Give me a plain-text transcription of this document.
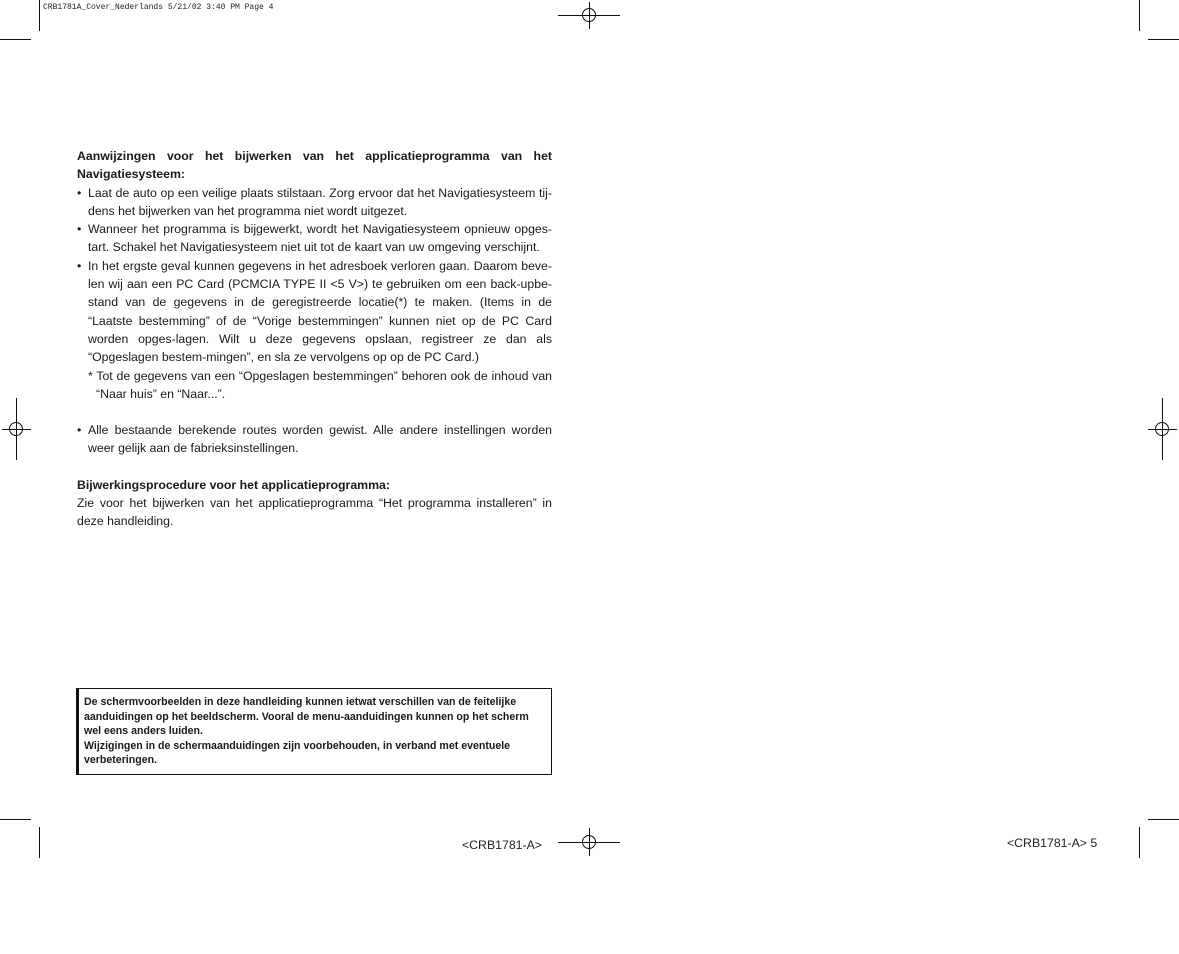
CRB1781A_Cover_Nederlands 5/21/02 3:40 PM Page 4

Aanwijzingen voor het bijwerken van het applicatieprogramma van het Navigatiesysteem:

• Laat de auto op een veilige plaats stilstaan. Zorg ervoor dat het Navigatiesysteem tij-dens het bijwerken van het programma niet wordt uitgezet.
• Wanneer het programma is bijgewerkt, wordt het Navigatiesysteem opnieuw opges-tart. Schakel het Navigatiesysteem niet uit tot de kaart van uw omgeving verschijnt.
• In het ergste geval kunnen gegevens in het adresboek verloren gaan. Daarom beve-len wij aan een PC Card (PCMCIA TYPE II <5 V>) te gebruiken om een back-upbe-stand van de gegevens in de geregistreerde locatie(*) te maken. (Items in de “Laatste bestemming” of de “Vorige bestemmingen” kunnen niet op de PC Card worden opges-lagen. Wilt u deze gegevens opslaan, registreer ze dan als “Opgeslagen bestem-mingen”, en sla ze vervolgens op op de PC Card.)
* Tot de gegevens van een “Opgeslagen bestemmingen” behoren ook de inhoud van “Naar huis” en “Naar...”.
• Alle bestaande berekende routes worden gewist. Alle andere instellingen worden weer gelijk aan de fabrieksinstellingen.

Bijwerkingsprocedure voor het applicatieprogramma:

Zie voor het bijwerken van het applicatieprogramma “Het programma installeren” in deze handleiding.

De schermvoorbeelden in deze handleiding kunnen ietwat verschillen van de feitelijke aanduidingen op het beeldscherm. Vooral de menu-aanduidingen kunnen op het scherm wel eens anders luiden.
Wijzigingen in de schermaanduidingen zijn voorbehouden, in verband met eventuele verbeteringen.
<CRB1781-A>	<CRB1781-A> 5
